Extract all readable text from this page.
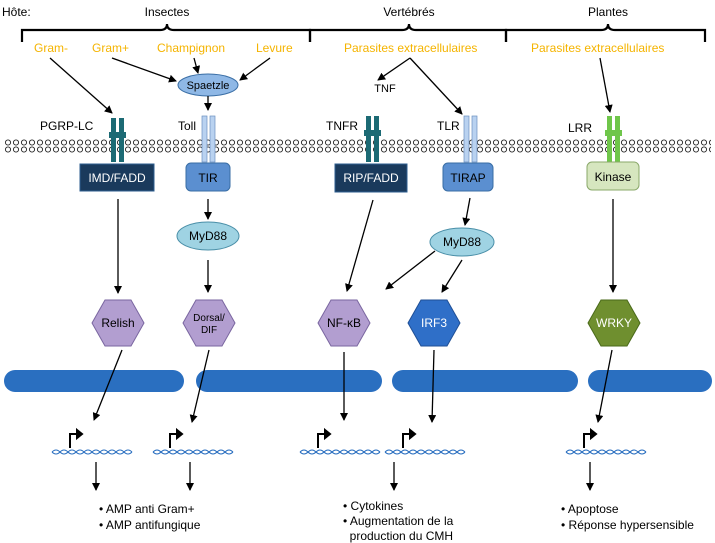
Hôte:	Insectes	Vertébrés	Plantes
Gram- Gram+ Champignon	Levure	Parasites extracellulaires	Parasites extracellulaires
Spaetzle	TNF
PGRP-LC	Toll	TNFR	TLR	LRR
IMD/FADD	TIR	RIP/FADD	TIRAP	Kinase
MyD88	MyD88
Relish	Dorsal/
DIF
NF-κB	IRF3	WRKY
• AMP anti Gram+
• AMP antifungique
• Cytokines
• Augmentation de la
production du CMH
• Apoptose
• Réponse hypersensible
